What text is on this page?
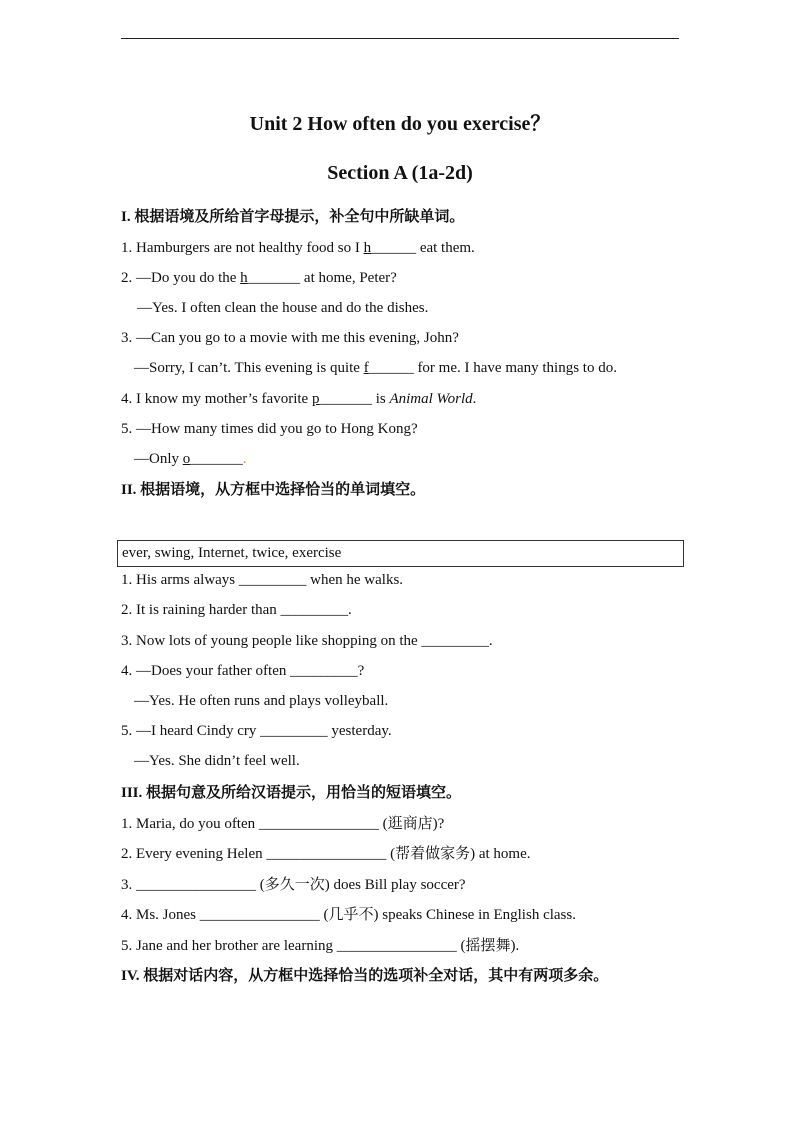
Unit 2 How often do you exercise？
Section A (1a-2d)
I. 根据语境及所给首字母提示，补全句中所缺单词。
1. Hamburgers are not healthy food so I h______ eat them.
2. —Do you do the h_______ at home, Peter?
—Yes. I often clean the house and do the dishes.
3. —Can you go to a movie with me this evening, John?
—Sorry, I can’t. This evening is quite f______ for me. I have many things to do.
4. I know my mother’s favorite p_______ is Animal World.
5. —How many times did you go to Hong Kong?
—Only o_______.
II. 根据语境，从方框中选择恰当的单词填空。
ever, swing, Internet, twice, exercise
1. His arms always _________ when he walks.
2. It is raining harder than _________.
3. Now lots of young people like shopping on the _________.
4. —Does your father often _________?
—Yes. He often runs and plays volleyball.
5. —I heard Cindy cry _________ yesterday.
—Yes. She didn’t feel well.
III. 根据句意及所给汉语提示，用恰当的短语填空。
1. Maria, do you often ________________ (逛商店)?
2. Every evening Helen ________________ (帮着做家务) at home.
3. ________________ (多久一次) does Bill play soccer?
4. Ms. Jones ________________ (几乎不) speaks Chinese in English class.
5. Jane and her brother are learning ________________ (摇摆舞).
IV. 根据对话内容，从方框中选择恰当的选项补全对话，其中有两项多余。
